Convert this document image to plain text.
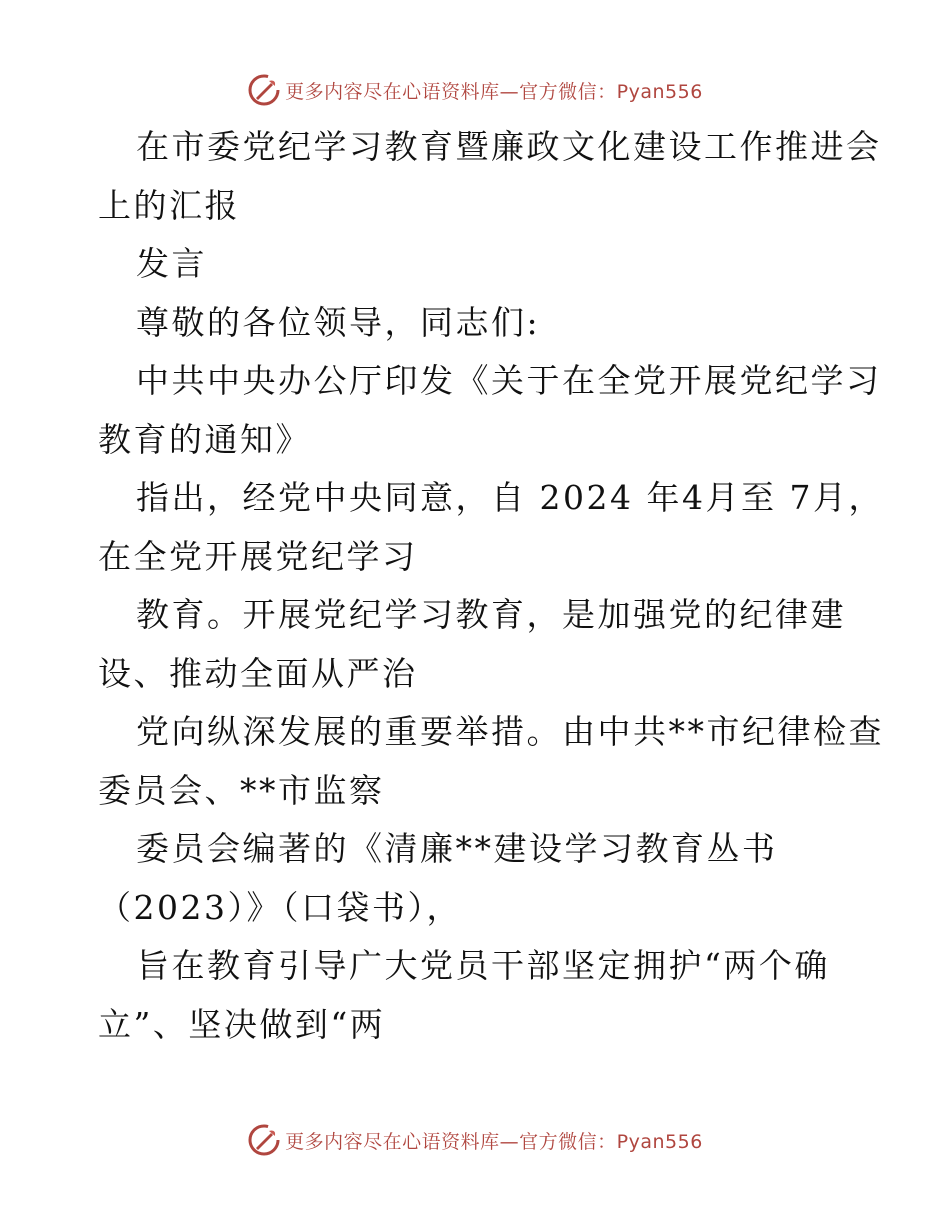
更多内容尽在心语资料库—官方微信：Pyan556
在市委党纪学习教育暨廉政文化建设工作推进会
上的汇报
发言
尊敬的各位领导，同志们:
中共中央办公厅印发《关于在全党开展党纪学习
教育的通知》
指出，经党中央同意，自 2024 年4月至 7月，
在全党开展党纪学习
教育。开展党纪学习教育，是加强党的纪律建
设、推动全面从严治
党向纵深发展的重要举措。由中共**市纪律检查
委员会、**市监察
委员会编著的《清廉**建设学习教育丛书
（2023）》（口袋书），
旨在教育引导广大党员干部坚定拥护“两个确
立”、坚决做到“两
更多内容尽在心语资料库—官方微信：Pyan556
